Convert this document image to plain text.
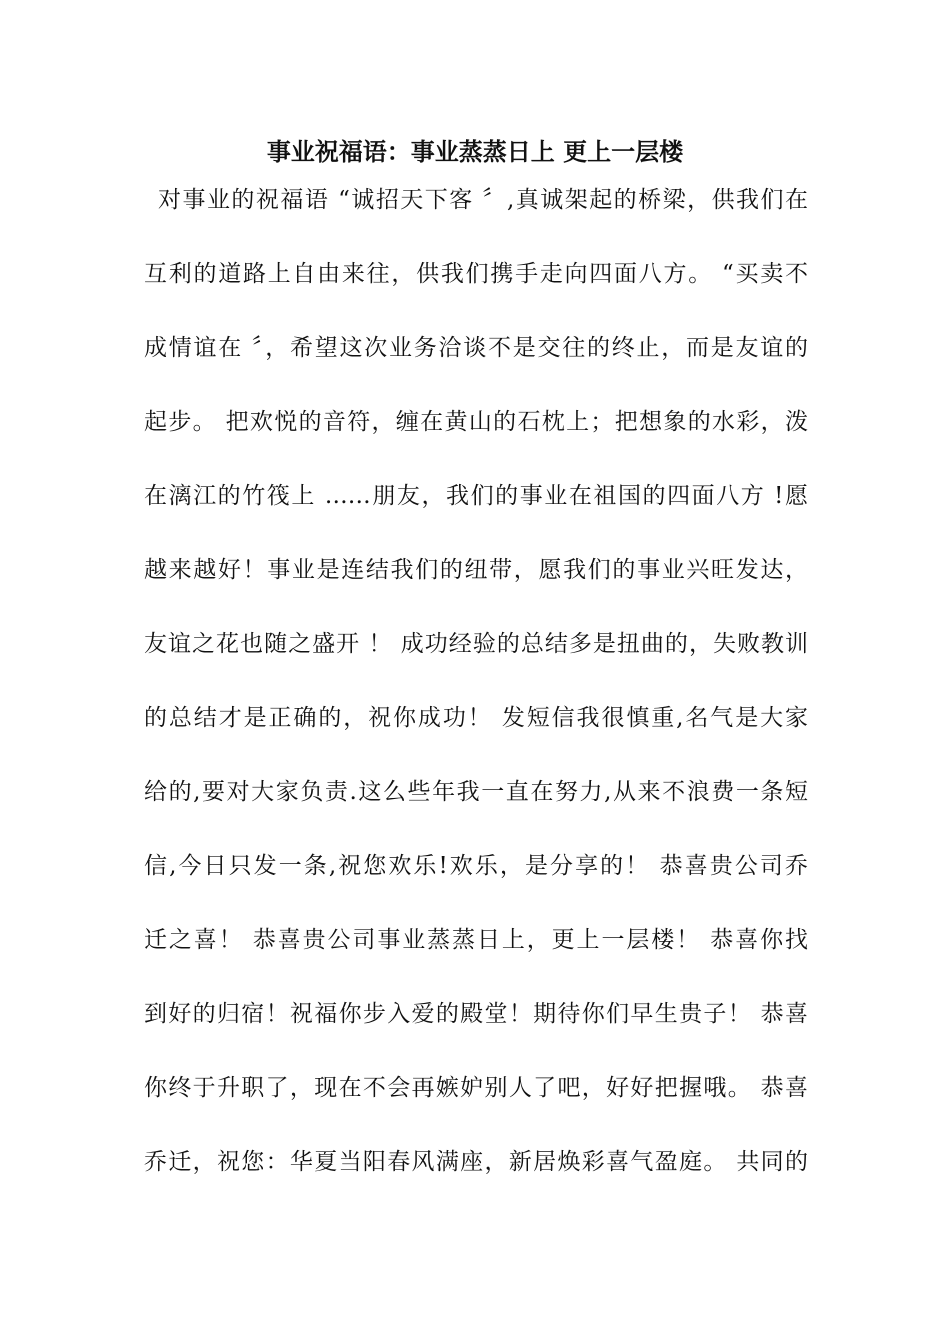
事业祝福语：事业蒸蒸日上 更上一层楼
对事业的祝福语 “诚招天下客 〞,真诚架起的桥梁，供我们在
互利的道路上自由来往，供我们携手走向四面八方。 “买卖不
成情谊在 〞，希望这次业务洽谈不是交往的终止，而是友谊的
起步。 把欢悦的音符，缠在黄山的石枕上；把想象的水彩，泼
在漓江的竹筏上 ……朋友，我们的事业在祖国的四面八方 !愿
越来越好！事业是连结我们的纽带，愿我们的事业兴旺发达，
友谊之花也随之盛开 ！ 成功经验的总结多是扭曲的，失败教训
的总结才是正确的，祝你成功！ 发短信我很慎重,名气是大家
给的,要对大家负责.这么些年我一直在努力,从来不浪费一条短
信,今日只发一条,祝您欢乐!欢乐，是分享的！ 恭喜贵公司乔
迁之喜！ 恭喜贵公司事业蒸蒸日上，更上一层楼！ 恭喜你找
到好的归宿！祝福你步入爱的殿堂！期待你们早生贵子！ 恭喜
你终于升职了，现在不会再嫉妒别人了吧，好好把握哦。 恭喜
乔迁，祝您：华夏当阳春风满座，新居焕彩喜气盈庭。 共同的
